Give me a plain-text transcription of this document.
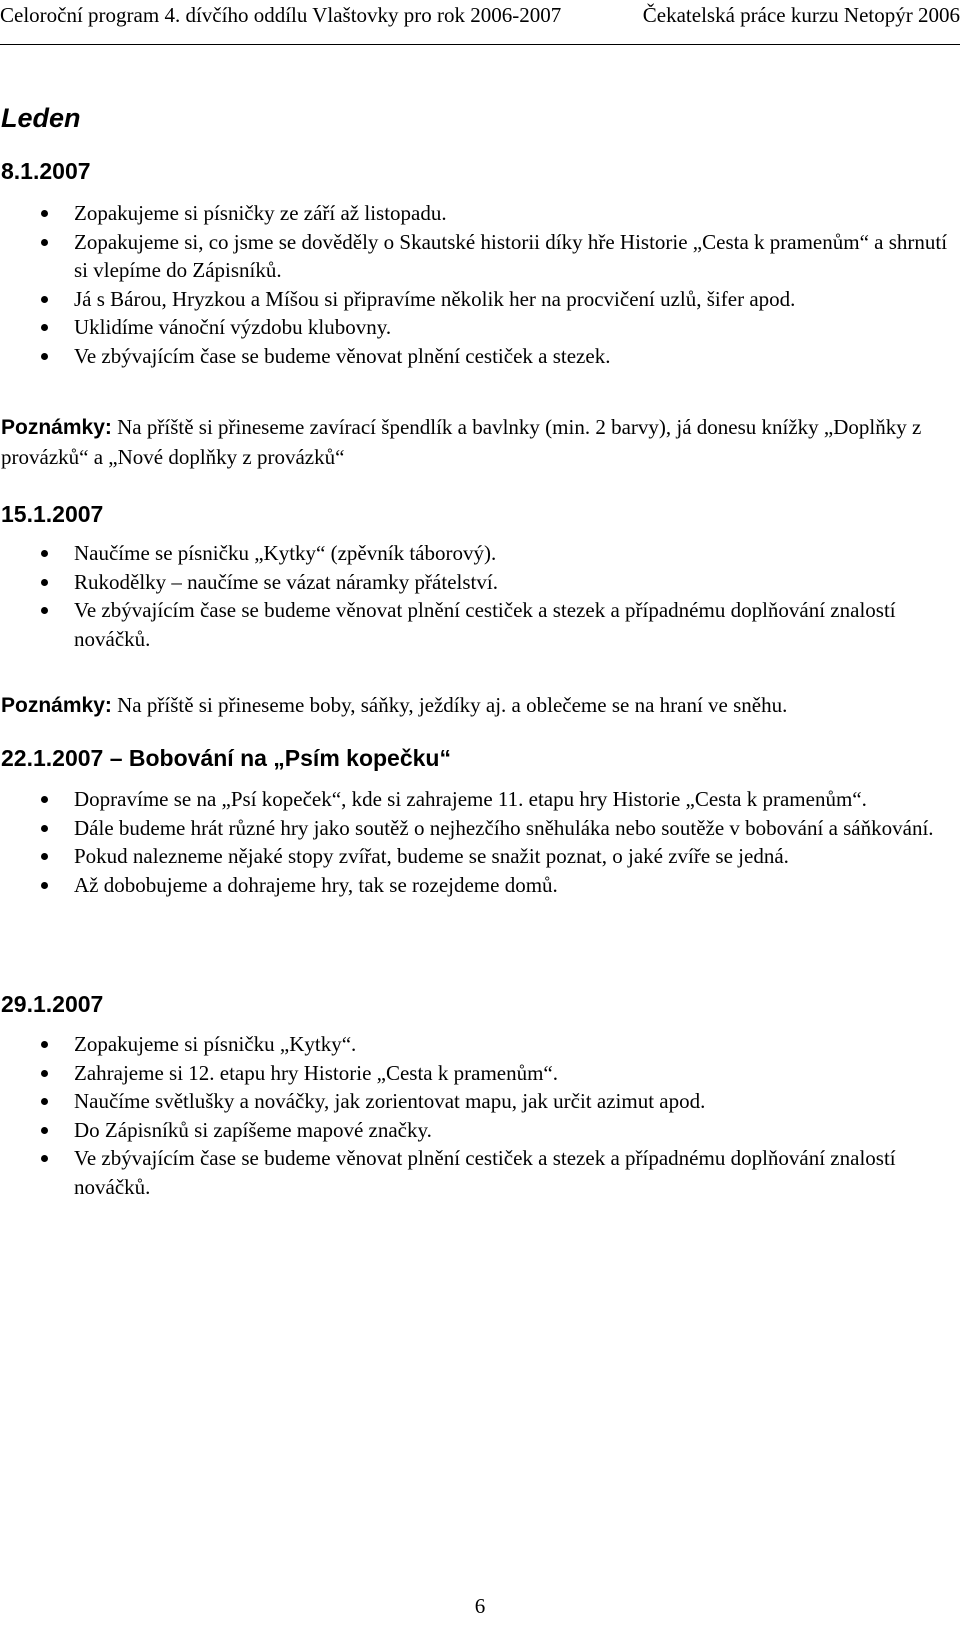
Celoroční program 4. dívčího oddílu Vlaštovky pro rok 2006-2007	Čekatelská práce kurzu Netopýr 2006
Leden
8.1.2007
Zopakujeme si písničky ze září až listopadu.
Zopakujeme si, co jsme se dověděly o Skautské historii díky hře Historie „Cesta k pramenům“ a shrnutí si vlepíme do Zápisníků.
Já s Bárou, Hryzkou a Míšou si připravíme několik her na procvičení uzlů, šifer apod.
Uklidíme vánoční výzdobu klubovny.
Ve zbývajícím čase se budeme věnovat plnění cestiček a stezek.

Poznámky: Na příště si přineseme zavírací špendlík a bavlnky (min. 2 barvy), já donesu knížky „Doplňky z provázků“ a „Nové doplňky z provázků“

15.1.2007
Naučíme se písničku „Kytky“ (zpěvník táborový).
Rukodělky – naučíme se vázat náramky přátelství.
Ve zbývajícím čase se budeme věnovat plnění cestiček a stezek a případnému doplňování znalostí nováčků.

Poznámky: Na příště si přineseme boby, sáňky, ježdíky aj. a oblečeme se na hraní ve sněhu.

22.1.2007 – Bobování na „Psím kopečku“
Dopravíme se na „Psí kopeček“, kde si zahrajeme 11. etapu hry Historie „Cesta k pramenům“.
Dále budeme hrát různé hry jako soutěž o nejhezčího sněhuláka nebo soutěže v bobování a sáňkování.
Pokud nalezneme nějaké stopy zvířat, budeme se snažit poznat, o jaké zvíře se jedná.
Až dobobujeme a dohrajeme hry, tak se rozejdeme domů.
29.1.2007
Zopakujeme si písničku „Kytky“.
Zahrajeme si 12. etapu hry Historie „Cesta k pramenům“.
Naučíme světlušky a nováčky, jak zorientovat mapu, jak určit azimut apod.
Do Zápisníků si zapíšeme mapové značky.
Ve zbývajícím čase se budeme věnovat plnění cestiček a stezek a případnému doplňování znalostí nováčků.
6
